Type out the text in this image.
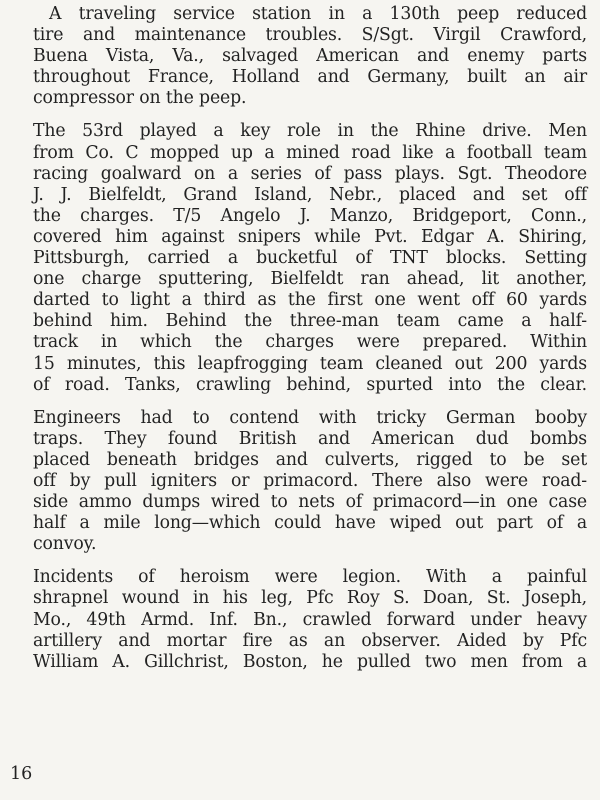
A traveling service station in a 130th peep reduced
tire and maintenance troubles. S/Sgt. Virgil Crawford,
Buena Vista, Va., salvaged American and enemy parts
throughout France, Holland and Germany, built an air
compressor on the peep.
The 53rd played a key role in the Rhine drive. Men
from Co. C mopped up a mined road like a football team
racing goalward on a series of pass plays. Sgt. Theodore
J. J. Bielfeldt, Grand Island, Nebr., placed and set off
the charges. T/5 Angelo J. Manzo, Bridgeport, Conn.,
covered him against snipers while Pvt. Edgar A. Shiring,
Pittsburgh, carried a bucketful of TNT blocks. Setting
one charge sputtering, Bielfeldt ran ahead, lit another,
darted to light a third as the first one went off 60 yards
behind him. Behind the three-man team came a half-
track in which the charges were prepared. Within
15 minutes, this leapfrogging team cleaned out 200 yards
of road. Tanks, crawling behind, spurted into the clear.
Engineers had to contend with tricky German booby
traps. They found British and American dud bombs
placed beneath bridges and culverts, rigged to be set
off by pull igniters or primacord. There also were road-
side ammo dumps wired to nets of primacord—in one case
half a mile long—which could have wiped out part of a
convoy.
Incidents of heroism were legion. With a painful
shrapnel wound in his leg, Pfc Roy S. Doan, St. Joseph,
Mo., 49th Armd. Inf. Bn., crawled forward under heavy
artillery and mortar fire as an observer. Aided by Pfc
William A. Gillchrist, Boston, he pulled two men from a
16
